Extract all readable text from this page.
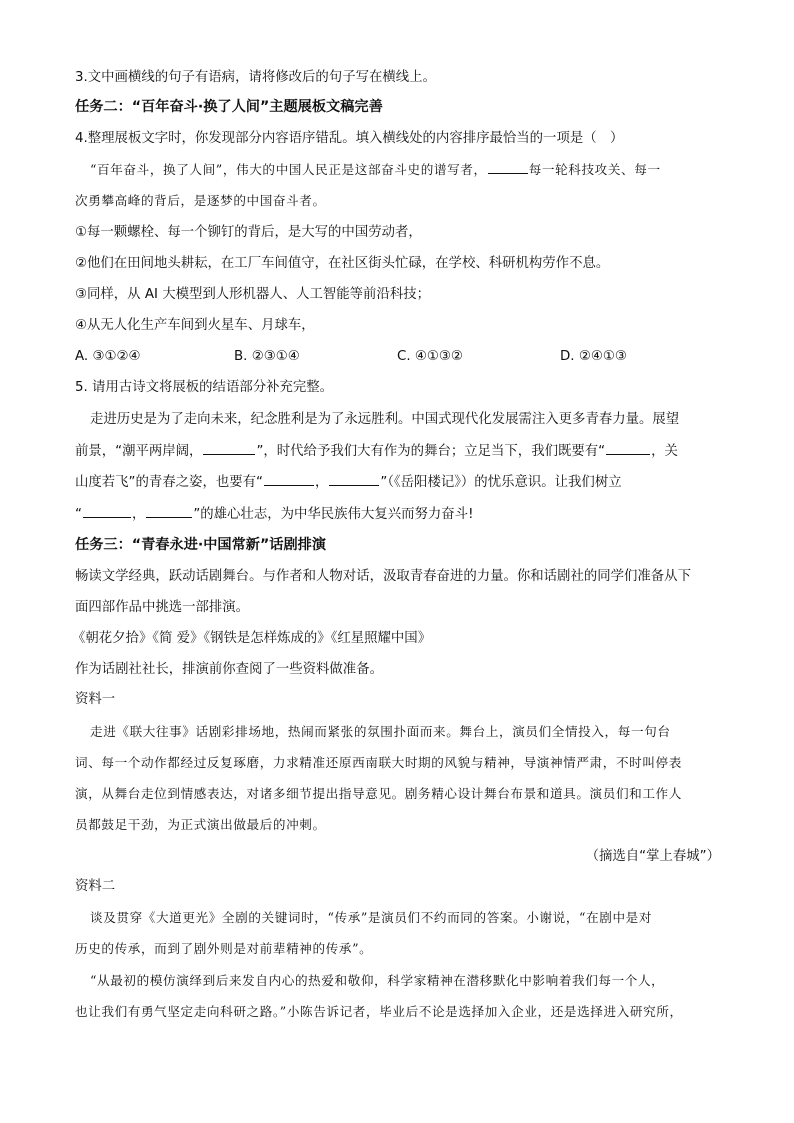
3.文中画横线的句子有语病，请将修改后的句子写在横线上。
任务二：“百年奋斗·换了人间”主题展板文稿完善
4.整理展板文字时，你发现部分内容语序错乱。填入横线处的内容排序最恰当的一项是（　）
“百年奋斗，换了人间”，伟大的中国人民正是这部奋斗史的谱写者，	每一轮科技攻关、每一
次勇攀高峰的背后，是逐梦的中国奋斗者。
①每一颗螺栓、每一个铆钉的背后，是大写的中国劳动者，
②他们在田间地头耕耘，在工厂车间值守，在社区街头忙碌，在学校、科研机构劳作不息。
③同样，从 AI 大模型到人形机器人、人工智能等前沿科技；
④从无人化生产车间到火星车、月球车，
A. ③①②④	B. ②③①④	C. ④①③②	D. ②④①③
5. 请用古诗文将展板的结语部分补充完整。
走进历史是为了走向未来，纪念胜利是为了永远胜利。中国式现代化发展需注入更多青春力量。展望
前景，“潮平两岸阔，	”，时代给予我们大有作为的舞台；立足当下，我们既要有“	，关
山度若飞”的青春之姿，也要有“	，	”（《岳阳楼记》）的忧乐意识。让我们树立
“	，	”的雄心壮志，为中华民族伟大复兴而努力奋斗!
任务三：“青春永进·中国常新”话剧排演
畅读文学经典，跃动话剧舞台。与作者和人物对话，汲取青春奋进的力量。你和话剧社的同学们准备从下
面四部作品中挑选一部排演。
《朝花夕拾》《简 爱》《钢铁是怎样炼成的》《红星照耀中国》
作为话剧社社长，排演前你查阅了一些资料做准备。
资料一
走进《联大往事》话剧彩排场地，热闹而紧张的氛围扑面而来。舞台上，演员们全情投入，每一句台
词、每一个动作都经过反复琢磨，力求精准还原西南联大时期的风貌与精神，导演神情严肃，不时叫停表
演，从舞台走位到情感表达，对诸多细节提出指导意见。剧务精心设计舞台布景和道具。演员们和工作人
员都鼓足干劲，为正式演出做最后的冲刺。
（摘选自“掌上春城”）
资料二
谈及贯穿《大道更光》全剧的关键词时，“传承”是演员们不约而同的答案。小谢说，“在剧中是对
历史的传承，而到了剧外则是对前辈精神的传承”。
“从最初的模仿演绎到后来发自内心的热爱和敬仰，科学家精神在潜移默化中影响着我们每一个人，
也让我们有勇气坚定走向科研之路。”小陈告诉记者，毕业后不论是选择加入企业，还是选择进入研究所，
